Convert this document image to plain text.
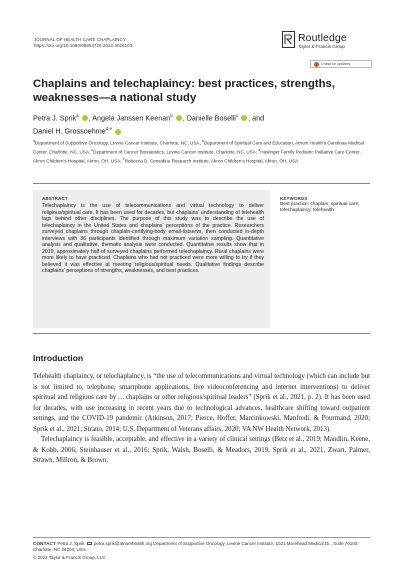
JOURNAL OF HEALTH CARE CHAPLAINCY
https://doi.org/10.1080/08854726.2022.2026103
Routledge
Taylor & Francis Group
Check for updates
Chaplains and telechaplaincy: best practices, strengths, weaknesses—a national study
Petra J. Sprik$^a$ , Angela Janssen Keenan$^b$ , Danielle Boselli$^c$ , and
Daniel H. Grossoehme$^{d,e}$
$^a$Department of Supportive Oncology, Levine Cancer Institute, Charlotte, NC, USA; $^b$Department of Spiritual Care and Education, Atrium Health’s Carolinas Medical Center, Charlotte, NC, USA; $^c$Department of Cancer Biostatistics, Levine Cancer Institute, Charlotte, NC, USA; $^d$Haslinger Family Pediatric Palliative Care Center, Akron Children’s Hospital, Akron, OH, USA; $^e$Rebecca D. Considine Research Institute, Akron Children’s Hospital, Akron, OH, USA
ABSTRACT
Telechaplaincy is the use of telecommunications and virtual technology to deliver religious/spiritual care. It has been used for decades, but chaplains’ understanding of telehealth lags behind other disciplines. The purpose of this study was to describe the use of telechaplaincy in the United States and chaplains’ perceptions of the practice. Researchers surveyed chaplains through chaplain-certifying-body email-listservs, then conducted in-depth interviews with 36 participants identified through maximum variation sampling. Quantitative analysis and qualitative, thematic analysis were conducted. Quantitative results show that in 2019, approximately half of surveyed chaplains performed telechaplaincy. Rural chaplains were more likely to have practiced. Chaplains who had not practiced were more willing to try if they believed it was effective at meeting religious/spiritual needs. Qualitative findings describe chaplains’ perceptions of strengths, weaknesses, and best practices.
KEYWORDS
Best practice; chaplain; spiritual care; telechaplaincy; telehealth
Introduction

Telehealth chaplaincy, or telechaplaincy, is “the use of telecommunications and virtual technology (which can include but is not limited to, telephone, smartphone applications, live videoconferencing and internet interventions) to deliver spiritual and religious care by … chaplains or other religious/spiritual leaders” (Sprik et al., 2021, p. 2). It has been used for decades, with use increasing in recent years due to technological advances, healthcare shifting toward outpatient settings, and the COVID-19 pandemic (Atkinson, 2017; Pierce, Hoffer, Marcinkowski, Manfredi, & Pourmand, 2020; Sprik et al., 2021; Strano, 2014; U.S. Department of Veterans affairs, 2020; VA NW Health Network, 2013).

Telechaplaincy is feasible, acceptable, and effective in a variety of clinical settings (Betz et al., 2019; Maudlin, Keene, & Kobb, 2006; Steinhauser et al., 2016; Sprik, Walsh, Boselli, & Meadors, 2019, Sprik et al., 2021, Zwart, Palmer, Strawn, Millron, & Brown,

CONTACT Petra J. Sprik petra.sprik@atriumhealth.org Department of Supportive Oncology, Levine Cancer Institute, 1021 Morehead Medical Dr., Suite 70100, Charlotte, NC 28204, USA.
© 2022 Taylor & Francis Group, LLC
